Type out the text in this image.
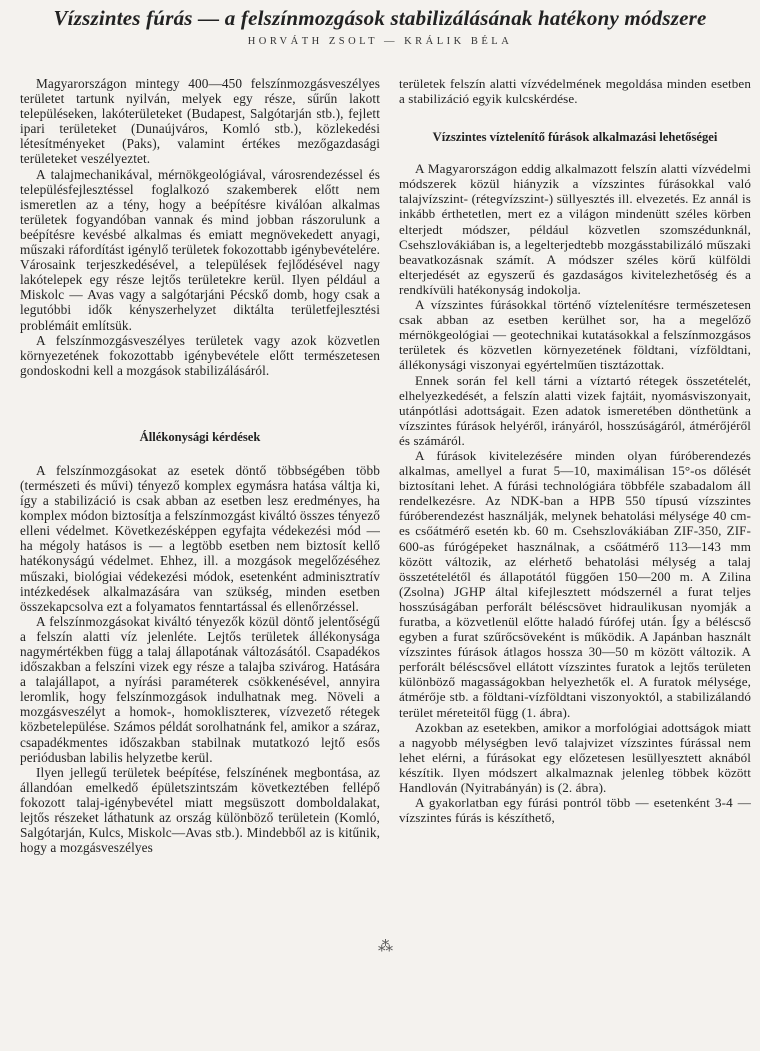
Vízszintes fúrás — a felszínmozgások stabilizálásának hatékony módszere
HORVÁTH ZSOLT — KRÁLIK BÉLA

Magyarországon mintegy 400—450 felszínmozgásveszélyes területet tartunk nyilván, melyek egy része, sűrűn lakott településeken, lakóterületeket (Budapest, Salgótarján stb.), fejlett ipari területeket (Dunaújváros, Komló stb.), közlekedési létesítményeket (Paks), valamint értékes mezőgazdasági területeket veszélyeztet.

A talajmechanikával, mérnökgeológiával, városrendezéssel és településfejlesztéssel foglalkozó szakemberek előtt nem ismeretlen az a tény, hogy a beépítésre kiválóan alkalmas területek fogyandóban vannak és mind jobban rászorulunk a beépítésre kevésbé alkalmas és emiatt megnövekedett anyagi, műszaki ráfordítást igénylő területek fokozottabb igénybevételére. Városaink terjeszkedésével, a települések fejlődésével nagy lakótelepek egy része lejtős területekre kerül. Ilyen például a Miskolc — Avas vagy a salgótarjáni Pécskő domb, hogy csak a legutóbbi idők kényszerhelyzet diktálta területfejlesztési problémáit említsük.

A felszínmozgásveszélyes területek vagy azok közvetlen környezetének fokozottabb igénybevétele előtt természetesen gondoskodni kell a mozgások stabilizálásáról.

Állékonysági kérdések

A felszínmozgásokat az esetek döntő többségében több (természeti és művi) tényező komplex egymásra hatása váltja ki, így a stabilizáció is csak abban az esetben lesz eredményes, ha komplex módon biztosítja a felszínmozgást kiváltó összes tényező elleni védelmet. Következésképpen egyfajta védekezési mód — ha mégoly hatásos is — a legtöbb esetben nem biztosít kellő hatékonyságú védelmet. Ehhez, ill. a mozgások megelőzéséhez műszaki, biológiai védekezési módok, esetenként adminisztratív intézkedések alkalmazására van szükség, minden esetben összekapcsolva ezt a folyamatos fenntartással és ellenőrzéssel.

A felszínmozgásokat kiváltó tényezők közül döntő jelentőségű a felszín alatti víz jelenléte. Lejtős területek állékonysága nagymértékben függ a talaj állapotának változásától. Csapadékos időszakban a felszíni vizek egy része a talajba szivárog. Hatására a talajállapot, a nyírási paraméterek csökkenésével, annyira leromlik, hogy felszínmozgások indulhatnak meg. Növeli a mozgásveszélyt a homok-, homoklisztereк, vízvezető rétegek közbetelepülése. Számos példát sorolhatnánk fel, amikor a száraz, csapadékmentes időszakban stabilnak mutatkozó lejtő esős periódusban labilis helyzetbe kerül.

Ilyen jellegű területek beépítése, felszínének megbontása, az állandóan emelkedő épületszintszám következtében fellépő fokozott talaj-igénybevétel miatt megsüszott domboldalakat, lejtős részeket láthatunk az ország különböző területein (Komló, Salgótarján, Kulcs, Miskolc—Avas stb.). Mindebből az is kitűnik, hogy a mozgásveszélyes

területek felszín alatti vízvédelmének megoldása minden esetben a stabilizáció egyik kulcskérdése.

Vízszintes víztelenítő fúrások alkalmazási lehetőségei

A Magyarországon eddig alkalmazott felszín alatti vízvédelmi módszerek közül hiányzik a vízszintes fúrásokkal való talajvízszint- (rétegvízszint-) süllyesztés ill. elvezetés. Ez annál is inkább érthetetlen, mert ez a világon mindenütt széles körben elterjedt módszer, például közvetlen szomszédunknál, Csehszlovákiában is, a legelterjedtebb mozgásstabilizáló műszaki beavatkozásnak számít. A módszer széles körű külföldi elterjedését az egyszerű és gazdaságos kivitelezhetőség és a rendkívüli hatékonyság indokolja.

A vízszintes fúrásokkal történő víztelenítésre természetesen csak abban az esetben kerülhet sor, ha a megelőző mérnökgeológiai — geotechnikai kutatásokkal a felszínmozgásos területek és közvetlen környezetének földtani, vízföldtani, állékonysági viszonyai egyértelműen tisztázottak.

Ennek során fel kell tárni a víztartó rétegek összetételét, elhelyezkedését, a felszín alatti vizek fajtáit, nyomásviszonyait, utánpótlási adottságait. Ezen adatok ismeretében dönthetünk a vízszintes fúrások helyéről, irányáról, hosszúságáról, átmérőjéről és számáról.

A fúrások kivitelezésére minden olyan fúróberendezés alkalmas, amellyel a furat 5—10, maximálisan 15°-os dőlését biztosítani lehet. A fúrási technológiára többféle szabadalom áll rendelkezésre. Az NDK-ban a HPB 550 típusú vízszintes fúróberendezést használják, melynek behatolási mélysége 40 cm-es csőátmérő esetén kb. 60 m. Csehszlovákiában ZIF-350, ZIF-600-as fúrógépeket használnak, a csőátmérő 113—143 mm között változik, az elérhető behatolási mélység a talaj összetételétől és állapotától függően 150—200 m. A Zilina (Zsolna) JGHP által kifejlesztett módszernél a furat teljes hosszúságában perforált béléscsövet hidraulikusan nyomják a furatba, a közvetlenül előtte haladó fúrófej után. Így a bélésсső egyben a furat szűrőcsöveként is működik. A Japánban használt vízszintes fúrások átlagos hossza 30—50 m között változik. A perforált béléscsővel ellátott vízszintes furatok a lejtős területen különböző magasságokban helyezhetők el. A furatok mélysége, átmérője stb. a földtani-vízföldtani viszonyoktól, a stabilizálandó terület méreteitől függ (1. ábra).

Azokban az esetekben, amikor a morfológiai adottságok miatt a nagyobb mélységben levő talajvizet vízszintes fúrással nem lehet elérni, a fúrásokat egy előzetesen lesüllyesztett aknából készítik. Ilyen módszert alkalmaznak jelenleg többek között Handlován (Nyitrabányán) is (2. ábra).

A gyakorlatban egy fúrási pontról több — esetenként 3-4 — vízszintes fúrás is készíthető,

⁂
